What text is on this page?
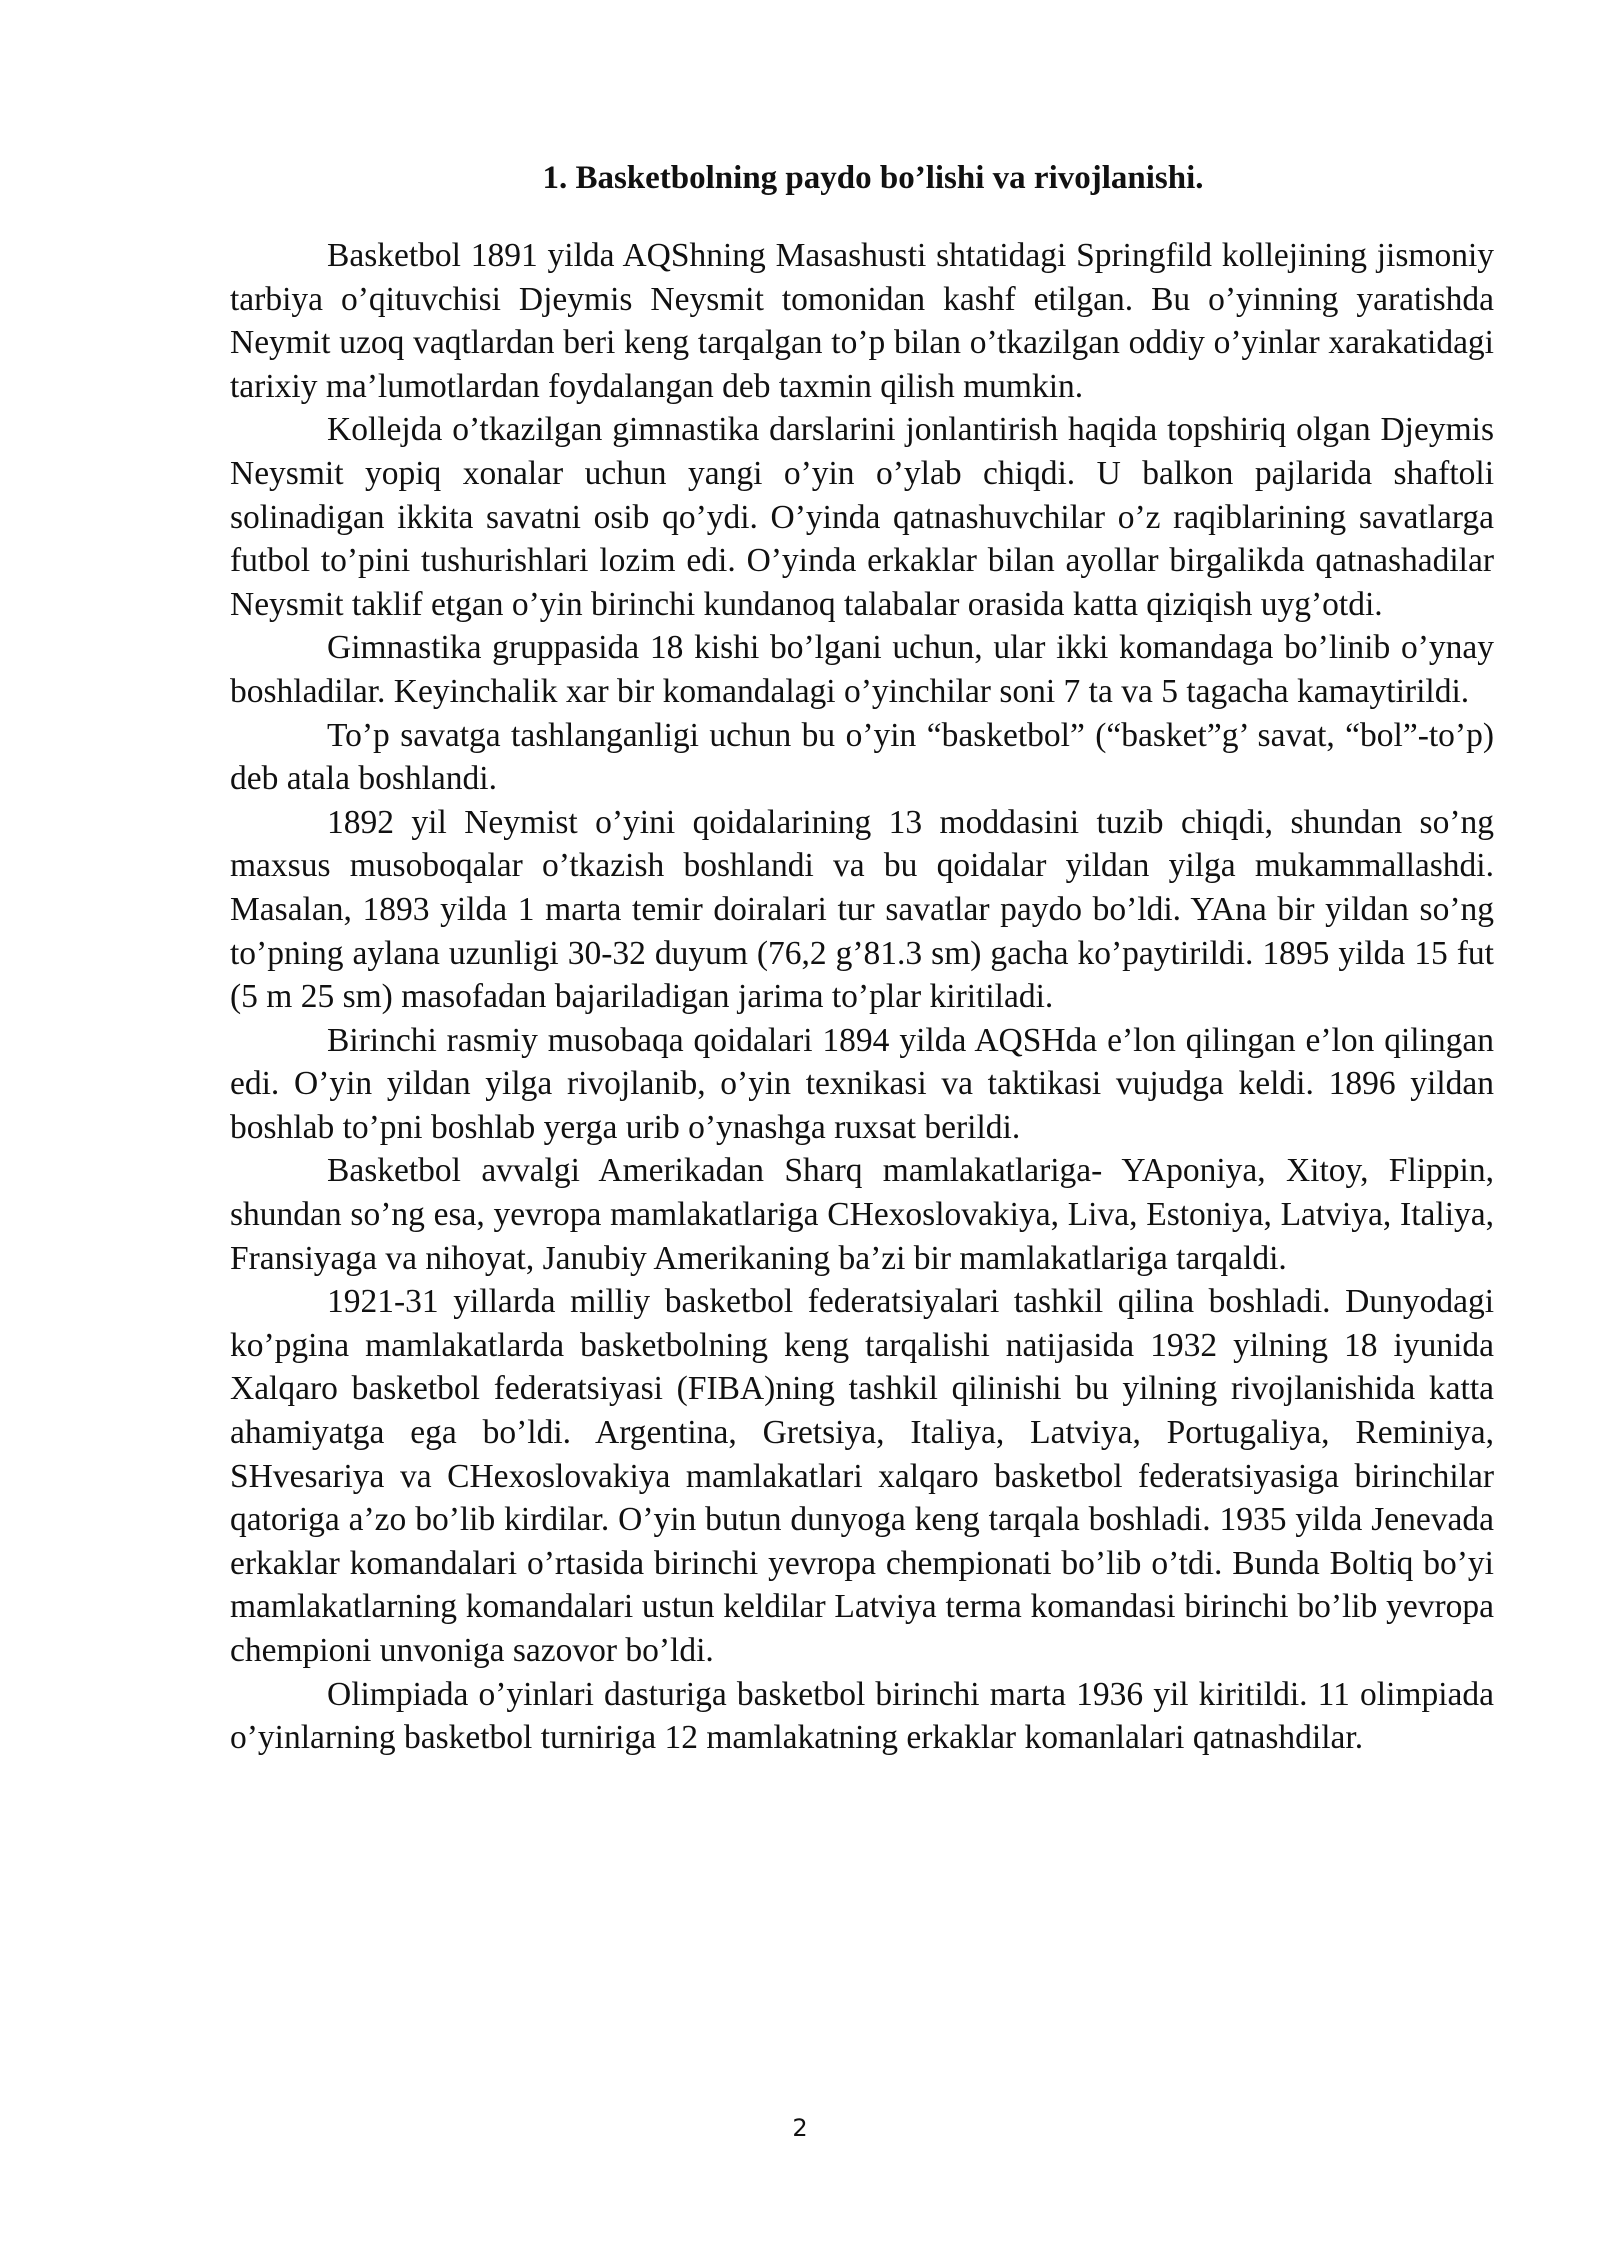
1. Basketbolning paydo bo’lishi va rivojlanishi.

Basketbol 1891 yilda AQShning Masashusti shtatidagi Springfild kollejining jismoniy tarbiya o’qituvchisi Djeymis Neysmit tomonidan kashf etilgan. Bu o’yinning yaratishda Neymit uzoq vaqtlardan beri keng tarqalgan to’p bilan o’tkazilgan oddiy o’yinlar xarakatidagi tarixiy ma’lumotlardan foydalangan deb taxmin qilish mumkin.

Kollejda o’tkazilgan gimnastika darslarini jonlantirish haqida topshiriq olgan Djeymis Neysmit yopiq xonalar uchun yangi o’yin o’ylab chiqdi. U balkon pajlarida shaftoli solinadigan ikkita savatni osib qo’ydi. O’yinda qatnashuvchilar o’z raqiblarining savatlarga futbol to’pini tushurishlari lozim edi. O’yinda erkaklar bilan ayollar birgalikda qatnashadilar Neysmit taklif etgan o’yin birinchi kundanoq talabalar orasida katta qiziqish uyg’otdi.

Gimnastika gruppasida 18 kishi bo’lgani uchun, ular ikki komandaga bo’linib o’ynay boshladilar. Keyinchalik xar bir komandalagi o’yinchilar soni 7 ta va 5 tagacha kamaytirildi.

To’p savatga tashlanganligi uchun bu o’yin “basketbol” (“basket”g’ savat, “bol”-to’p) deb atala boshlandi.

1892 yil Neymist o’yini qoidalarining 13 moddasini tuzib chiqdi, shundan so’ng maxsus musoboqalar o’tkazish boshlandi va bu qoidalar yildan yilga mukammallashdi. Masalan, 1893 yilda 1 marta temir doiralari tur savatlar paydo bo’ldi. YAna bir yildan so’ng to’pning aylana uzunligi 30-32 duyum (76,2 g’81.3 sm) gacha ko’paytirildi. 1895 yilda 15 fut (5 m 25 sm) masofadan bajariladigan jarima to’plar kiritiladi.

Birinchi rasmiy musobaqa qoidalari 1894 yilda AQSHda e’lon qilingan e’lon qilingan edi. O’yin yildan yilga rivojlanib, o’yin texnikasi va taktikasi vujudga keldi. 1896 yildan boshlab to’pni boshlab yerga urib o’ynashga ruxsat berildi.

Basketbol avvalgi Amerikadan Sharq mamlakatlariga- YAponiya, Xitoy, Flippin, shundan so’ng esa, yevropa mamlakatlariga CHexoslovakiya, Liva, Estoniya, Latviya, Italiya, Fransiyaga va nihoyat, Janubiy Amerikaning ba’zi bir mamlakatlariga tarqaldi.

1921-31 yillarda milliy basketbol federatsiyalari tashkil qilina boshladi. Dunyodagi ko’pgina mamlakatlarda basketbolning keng tarqalishi natijasida 1932 yilning 18 iyunida Xalqaro basketbol federatsiyasi (FIBA)ning tashkil qilinishi bu yilning rivojlanishida katta ahamiyatga ega bo’ldi. Argentina, Gretsiya, Italiya, Latviya, Portugaliya, Reminiya, SHvesariya va CHexoslovakiya mamlakatlari xalqaro basketbol federatsiyasiga birinchilar qatoriga a’zo bo’lib kirdilar. O’yin butun dunyoga keng tarqala boshladi. 1935 yilda Jenevada erkaklar komandalari o’rtasida birinchi yevropa chempionati bo’lib o’tdi. Bunda Boltiq bo’yi mamlakatlarning komandalari ustun keldilar Latviya terma komandasi birinchi bo’lib yevropa chempioni unvoniga sazovor bo’ldi.

Olimpiada o’yinlari dasturiga basketbol birinchi marta 1936 yil kiritildi. 11 olimpiada o’yinlarning basketbol turniriga 12 mamlakatning erkaklar komanlalari qatnashdilar.

2
